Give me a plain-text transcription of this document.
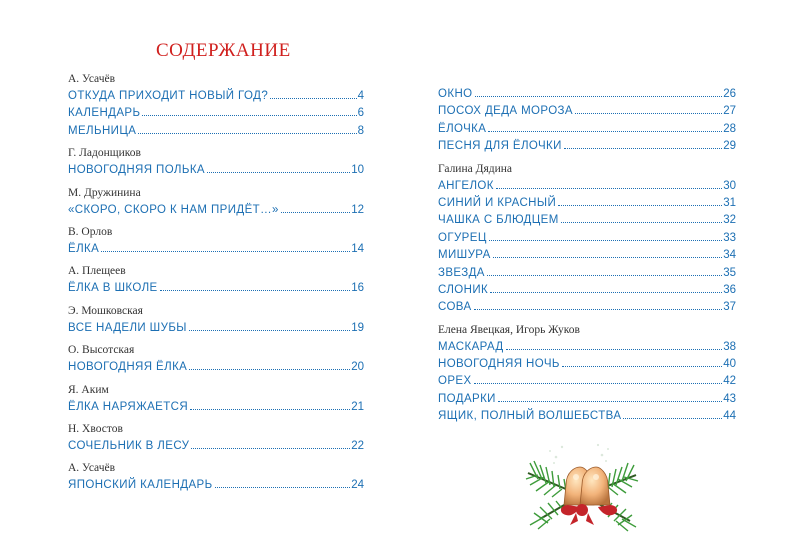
СОДЕРЖАНИЕ
А. Усачёв
ОТКУДА ПРИХОДИТ НОВЫЙ ГОД?	4
КАЛЕНДАРЬ	6
МЕЛЬНИЦА	8
Г. Ладонщиков
НОВОГОДНЯЯ ПОЛЬКА	10
М. Дружинина
«СКОРО, СКОРО К НАМ ПРИДЁТ…»	12
В. Орлов
ЁЛКА	14
А. Плещеев
ЁЛКА В ШКОЛЕ	16
Э. Мошковская
ВСЕ НАДЕЛИ ШУБЫ	19
О. Высотская
НОВОГОДНЯЯ ЁЛКА	20
Я. Аким
ЁЛКА НАРЯЖАЕТСЯ	21
Н. Хвостов
СОЧЕЛЬНИК В ЛЕСУ	22
А. Усачёв
ЯПОНСКИЙ КАЛЕНДАРЬ	24
ОКНО	26
ПОСОХ ДЕДА МОРОЗА	27
ЁЛОЧКА	28
ПЕСНЯ ДЛЯ ЁЛОЧКИ	29
Галина Дядина
АНГЕЛОК	30
СИНИЙ И КРАСНЫЙ	31
ЧАШКА С БЛЮДЦЕМ	32
ОГУРЕЦ	33
МИШУРА	34
ЗВЕЗДА	35
СЛОНИК	36
СОВА	37
Елена Явецкая, Игорь Жуков
МАСКАРАД	38
НОВОГОДНЯЯ НОЧЬ	40
ОРЕХ	42
ПОДАРКИ	43
ЯЩИК, ПОЛНЫЙ ВОЛШЕБСТВА	44
